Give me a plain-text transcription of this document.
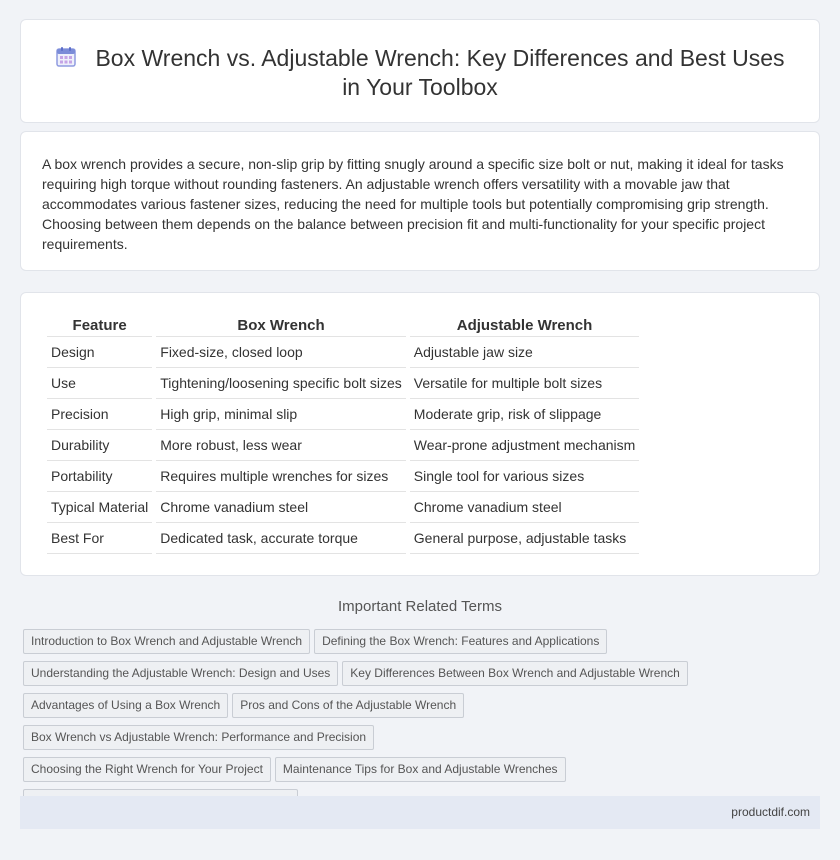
Box Wrench vs. Adjustable Wrench: Key Differences and Best Uses in Your Toolbox

A box wrench provides a secure, non-slip grip by fitting snugly around a specific size bolt or nut, making it ideal for tasks requiring high torque without rounding fasteners. An adjustable wrench offers versatility with a movable jaw that accommodates various fastener sizes, reducing the need for multiple tools but potentially compromising grip strength. Choosing between them depends on the balance between precision fit and multi-functionality for your specific project requirements.

Feature	Box Wrench	Adjustable Wrench
Design	Fixed-size, closed loop	Adjustable jaw size
Use	Tightening/loosening specific bolt sizes	Versatile for multiple bolt sizes
Precision	High grip, minimal slip	Moderate grip, risk of slippage
Durability	More robust, less wear	Wear-prone adjustment mechanism
Portability	Requires multiple wrenches for sizes	Single tool for various sizes
Typical Material	Chrome vanadium steel	Chrome vanadium steel
Best For	Dedicated task, accurate torque	General purpose, adjustable tasks
Important Related Terms
Introduction to Box Wrench and Adjustable Wrench Defining the Box Wrench: Features and Applications
Understanding the Adjustable Wrench: Design and Uses Key Differences Between Box Wrench and Adjustable Wrench
Advantages of Using a Box Wrench Pros and Cons of the Adjustable WrenchBox Wrench vs Adjustable Wrench: Performance and Precision
Choosing the Right Wrench for Your Project Maintenance Tips for Box and Adjustable Wrenches

productdif.com
